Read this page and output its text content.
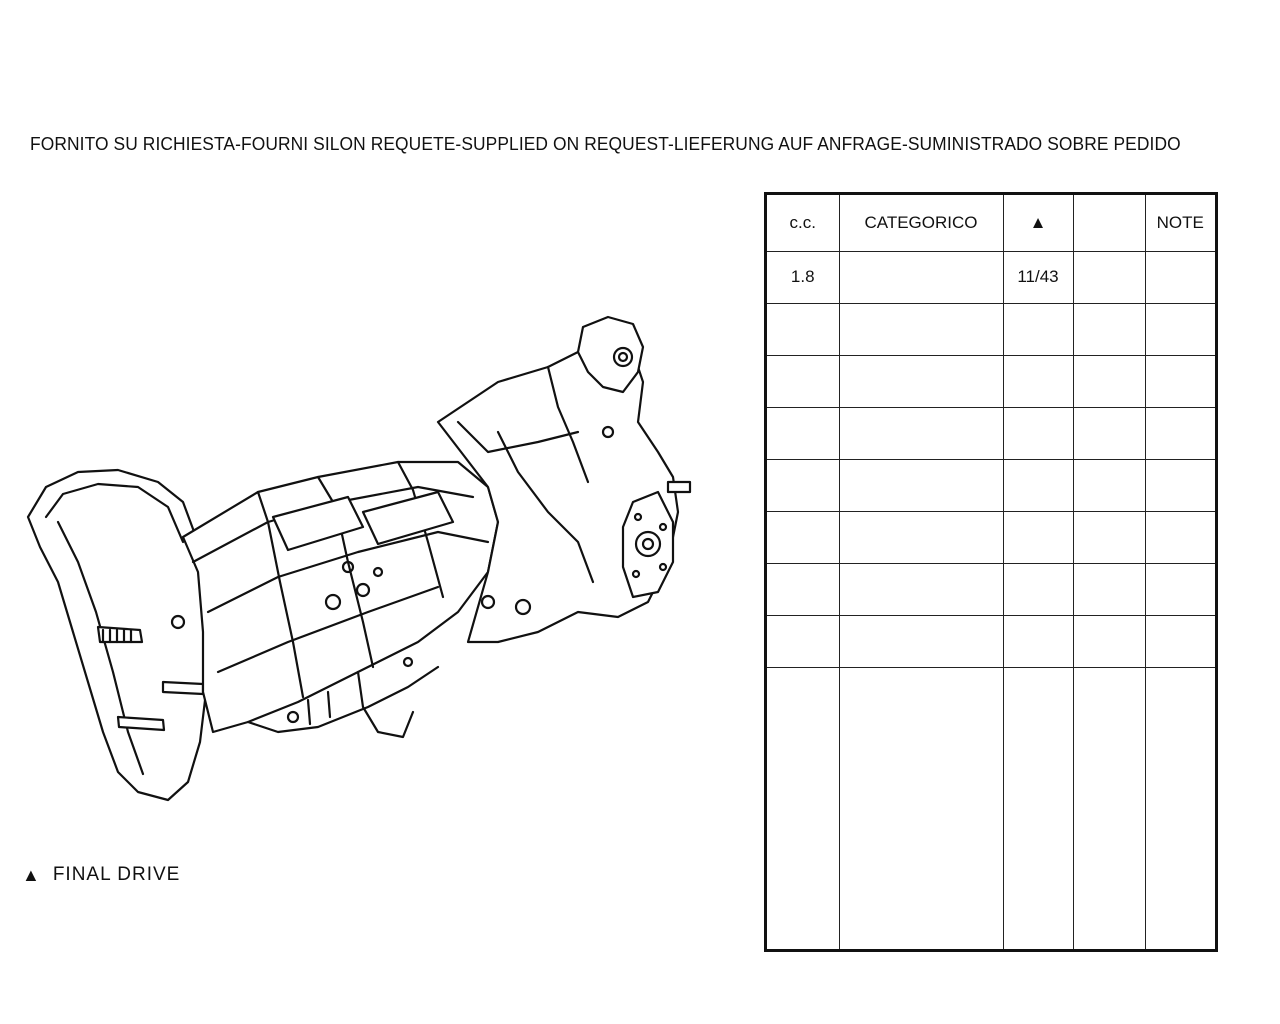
FORNITO SU RICHIESTA-FOURNI SILON REQUETE-SUPPLIED ON REQUEST-LIEFERUNG AUF ANFRAGE-SUMINISTRADO SOBRE PEDIDO
▲ FINAL DRIVE
c.c.	CATEGORICO	▲		NOTE
1.8		11/43		
